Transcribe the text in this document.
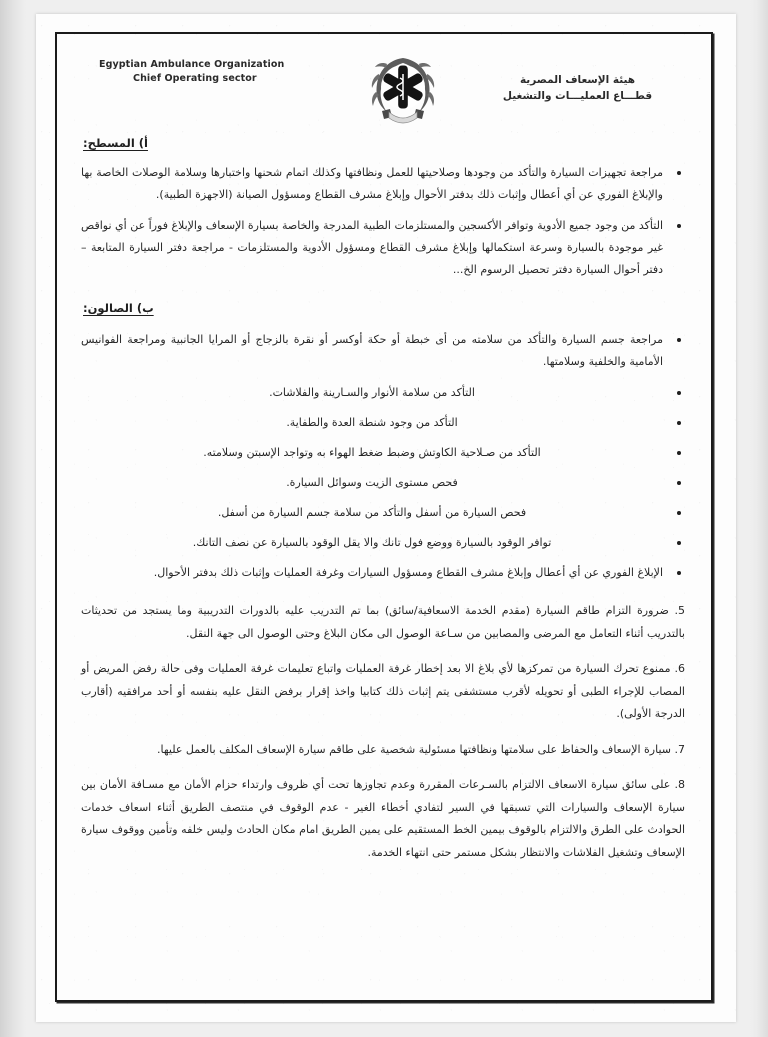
Egyptian Ambulance Organization
Chief Operating sector	هيئة الإسعاف المصرية
قطـــاع العمليـــات والتشغيل
أ) المسطح:
مراجعة تجهيزات السيارة والتأكد من وجودها وصلاحيتها للعمل ونظافتها وكذلك اتمام شحنها واختبارها وسلامة الوصلات الخاصة بها والإبلاغ الفوري عن أي أعطال وإثبات ذلك بدفتر الأحوال وإبلاغ مشرف القطاع ومسؤول الصيانة (الاجهزة الطبية).
التأكد من وجود جميع الأدوية وتوافر الأكسجين والمستلزمات الطبية المدرجة والخاصة بسيارة الإسعاف والإبلاغ فوراً عن أي نواقص غير موجودة بالسيارة وسرعة استكمالها وإبلاغ مشرف القطاع ومسؤول الأدوية والمستلزمات - مراجعة دفتر السيارة المتابعة – دفتر أحوال السيارة دفتر تحصيل الرسوم الخ...
ب) الصالون:
مراجعة جسم السيارة والتأكد من سلامته من أى خبطة أو حكة أوكسر أو نقرة بالزجاج أو المرايا الجانبية ومراجعة الفوانيس الأمامية والخلفية وسلامتها.
التأكد من سلامة الأنوار والسـارينة والفلاشات.
التأكد من وجود شنطة العدة والطفاية.
التأكد من صـلاحية الكاوتش وضبط ضغط الهواء به وتواجد الإسبتن وسلامته.
فحص مستوى الزيت وسوائل السيارة.
فحص السيارة من أسفل والتأكد من سلامة جسم السيارة من أسفل.
توافر الوقود بالسيارة ووضع فول تانك والا يقل الوقود بالسيارة عن نصف التانك.
الإبلاغ الفوري عن أي أعطال وإبلاغ مشرف القطاع ومسؤول السيارات وغرفة العمليات وإثبات ذلك بدفتر الأحوال.
5. ضرورة التزام طاقم السيارة (مقدم الخدمة الاسعافية/سائق) بما تم التدريب عليه بالدورات التدريبية وما يستجد من تحديثات بالتدريب أثناء التعامل مع المرضى والمصابين من سـاعة الوصول الى مكان البلاغ وحتى الوصول الى جهة النقل.
6. ممنوع تحرك السيارة من تمركزها لأي بلاغ الا بعد إخطار غرفة العمليات واتباع تعليمات غرفة العمليات وفى حالة رفض المريض أو المصاب للإجراء الطبى أو تحويله لأقرب مستشفى يتم إثبات ذلك كتابيا واخذ إقرار برفض النقل عليه بنفسه أو أحد مرافقيه (أقارب الدرجة الأولى).
7. سيارة الإسعاف والحفاظ على سلامتها ونظافتها مسئولية شخصية على طاقم سيارة الإسعاف المكلف بالعمل عليها.
8. على سائق سيارة الاسعاف الالتزام بالسـرعات المقررة وعدم تجاوزها تحت أي ظروف وارتداء حزام الأمان مع مسـافة الأمان بين سيارة الإسعاف والسيارات التي تسبقها في السير لتفادي أخطاء الغير - عدم الوقوف في منتصف الطريق أثناء اسعاف خدمات الحوادث على الطرق والالتزام بالوقوف بيمين الخط المستقيم على يمين الطريق امام مكان الحادث وليس خلفه وتأمين ووقوف سيارة الإسعاف وتشغيل الفلاشات والانتظار بشكل مستمر حتى انتهاء الخدمة.
